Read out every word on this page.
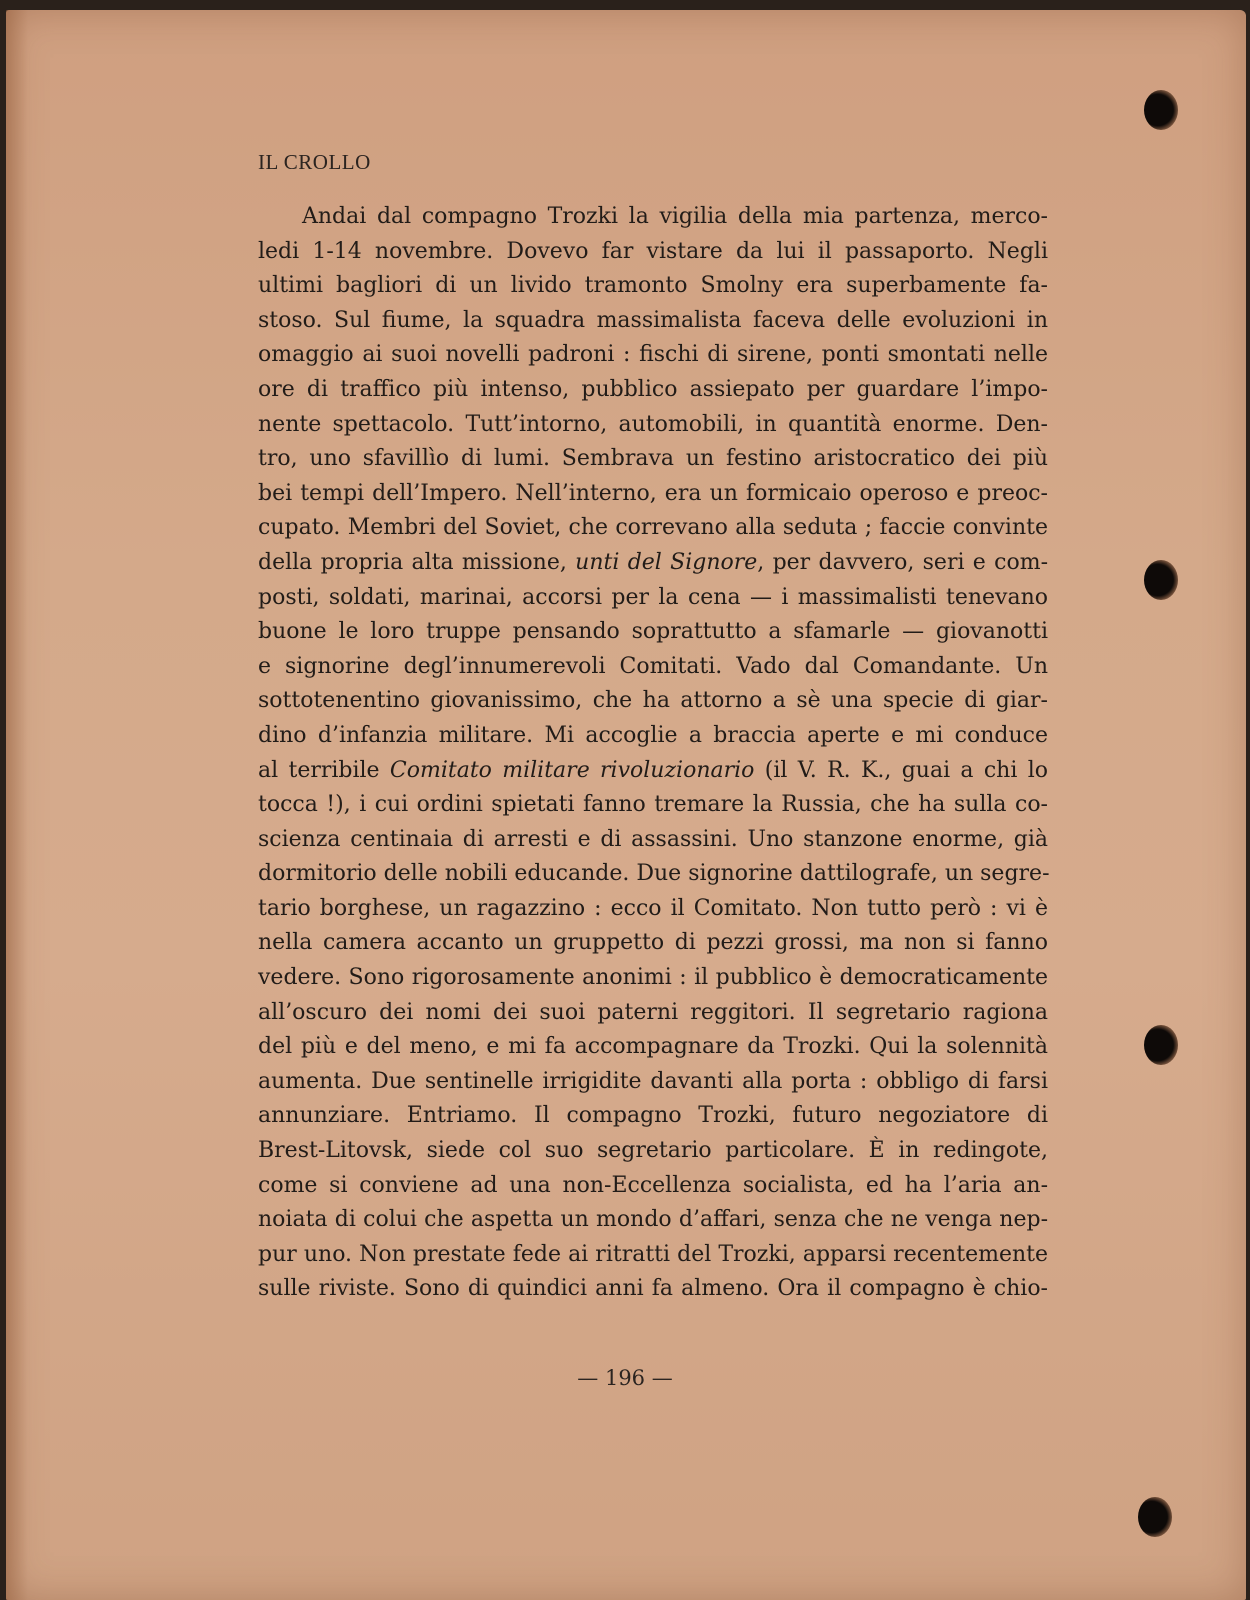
IL CROLLO
Andai dal compagno Trozki la vigilia della mia partenza, merco-
ledi 1-14 novembre. Dovevo far vistare da lui il passaporto. Negli
ultimi bagliori di un livido tramonto Smolny era superbamente fa-
stoso. Sul fiume, la squadra massimalista faceva delle evoluzioni in
omaggio ai suoi novelli padroni : fischi di sirene, ponti smontati nelle
ore di traffico più intenso, pubblico assiepato per guardare l’impo-
nente spettacolo. Tutt’intorno, automobili, in quantità enorme. Den-
tro, uno sfavillìo di lumi. Sembrava un festino aristocratico dei più
bei tempi dell’Impero. Nell’interno, era un formicaio operoso e preoc-
cupato. Membri del Soviet, che correvano alla seduta ; faccie convinte
della propria alta missione, unti del Signore, per davvero, seri e com-
posti, soldati, marinai, accorsi per la cena — i massimalisti tenevano
buone le loro truppe pensando soprattutto a sfamarle — giovanotti
e signorine degl’innumerevoli Comitati. Vado dal Comandante. Un
sottotenentino giovanissimo, che ha attorno a sè una specie di giar-
dino d’infanzia militare. Mi accoglie a braccia aperte e mi conduce
al terribile Comitato militare rivoluzionario (il V. R. K., guai a chi lo
tocca !), i cui ordini spietati fanno tremare la Russia, che ha sulla co-
scienza centinaia di arresti e di assassini. Uno stanzone enorme, già
dormitorio delle nobili educande. Due signorine dattilografe, un segre-
tario borghese, un ragazzino : ecco il Comitato. Non tutto però : vi è
nella camera accanto un gruppetto di pezzi grossi, ma non si fanno
vedere. Sono rigorosamente anonimi : il pubblico è democraticamente
all’oscuro dei nomi dei suoi paterni reggitori. Il segretario ragiona
del più e del meno, e mi fa accompagnare da Trozki. Qui la solennità
aumenta. Due sentinelle irrigidite davanti alla porta : obbligo di farsi
annunziare. Entriamo. Il compagno Trozki, futuro negoziatore di
Brest-Litovsk, siede col suo segretario particolare. È in redingote,
come si conviene ad una non-Eccellenza socialista, ed ha l’aria an-
noiata di colui che aspetta un mondo d’affari, senza che ne venga nep-
pur uno. Non prestate fede ai ritratti del Trozki, apparsi recentemente
sulle riviste. Sono di quindici anni fa almeno. Ora il compagno è chio-
— 196 —
